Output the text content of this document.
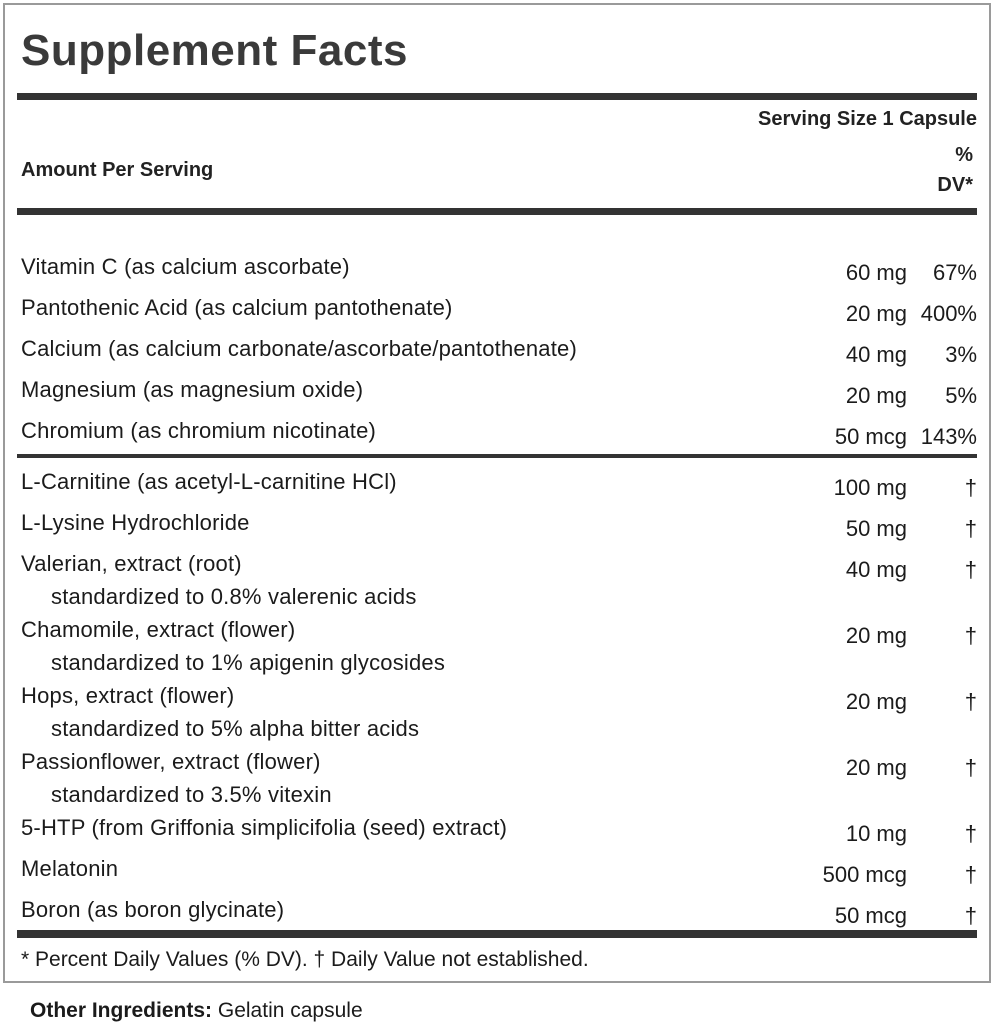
Supplement Facts
Serving Size 1 Capsule
Amount Per Serving
%
DV*
Vitamin C (as calcium ascorbate)	60 mg	67%
Pantothenic Acid (as calcium pantothenate)	20 mg 400%
Calcium (as calcium carbonate/ascorbate/pantothenate)	40 mg	3%
Magnesium (as magnesium oxide)	20 mg	5%
Chromium (as chromium nicotinate)	50 mcg 143%
L-Carnitine (as acetyl-L-carnitine HCl)	100 mg	†
L-Lysine Hydrochloride	50 mg	†
Valerian, extract (root)	40 mg	†
standardized to 0.8% valerenic acids
Chamomile, extract (flower)	20 mg	†
standardized to 1% apigenin glycosides
Hops, extract (flower)	20 mg	†
standardized to 5% alpha bitter acids
Passionflower, extract (flower)	20 mg	†
standardized to 3.5% vitexin
5-HTP (from Griffonia simplicifolia (seed) extract)	10 mg	†
Melatonin	500 mcg	†
Boron (as boron glycinate)	50 mcg	†
* Percent Daily Values (% DV). † Daily Value not established.
Other Ingredients: Gelatin capsule
